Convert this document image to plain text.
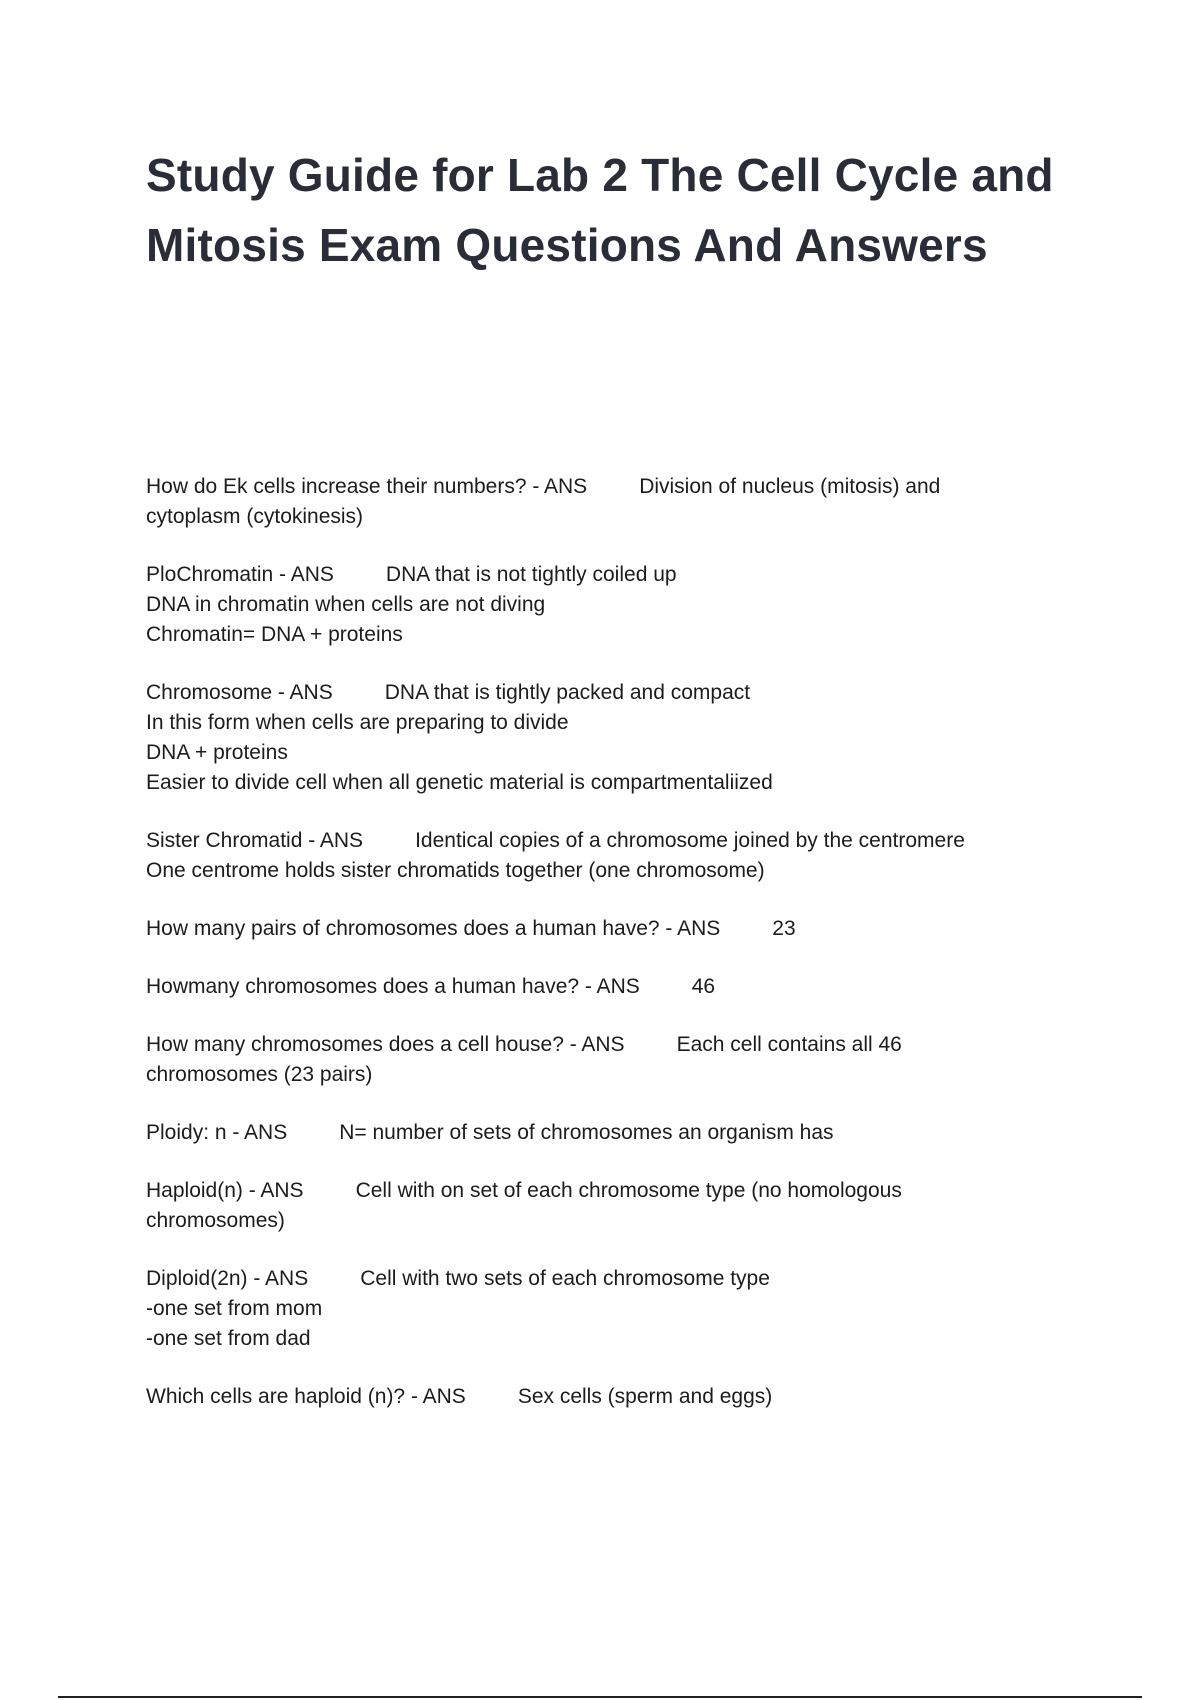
Study Guide for Lab 2 The Cell Cycle and Mitosis Exam Questions And Answers
How do Ek cells increase their numbers? - ANS Division of nucleus (mitosis) and
cytoplasm (cytokinesis)
PloChromatin - ANS DNA that is not tightly coiled up
DNA in chromatin when cells are not diving
Chromatin= DNA + proteins
Chromosome - ANS DNA that is tightly packed and compact
In this form when cells are preparing to divide
DNA + proteins
Easier to divide cell when all genetic material is compartmentaliized
Sister Chromatid - ANS Identical copies of a chromosome joined by the centromere
One centrome holds sister chromatids together (one chromosome)
How many pairs of chromosomes does a human have? - ANS 23
Howmany chromosomes does a human have? - ANS 46
How many chromosomes does a cell house? - ANS Each cell contains all 46
chromosomes (23 pairs)
Ploidy: n - ANS N= number of sets of chromosomes an organism has
Haploid(n) - ANS Cell with on set of each chromosome type (no homologous
chromosomes)
Diploid(2n) - ANS Cell with two sets of each chromosome type
-one set from mom
-one set from dad
Which cells are haploid (n)? - ANS Sex cells (sperm and eggs)
